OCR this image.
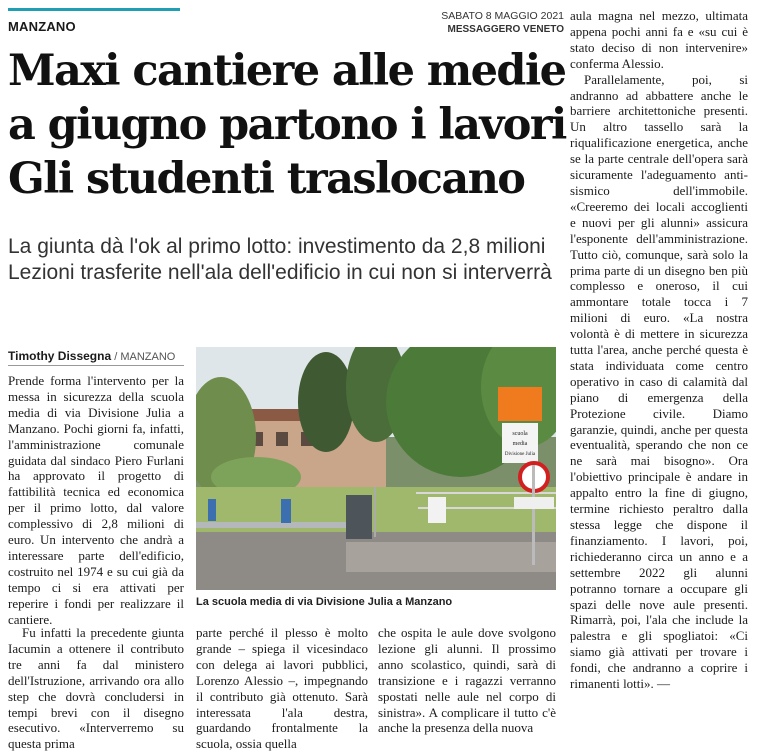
MANZANO
SABATO 8 MAGGIO 2021
MESSAGGERO VENETO
Maxi cantiere alle medie
a giugno partono i lavori
Gli studenti traslocano
La giunta dà l'ok al primo lotto: investimento da 2,8 milioni
Lezioni trasferite nell'ala dell'edificio in cui non si interverrà
Timothy Dissegna / MANZANO

Prende forma l'intervento per la messa in sicurezza della scuola media di via Divisione Julia a Manzano. Pochi giorni fa, infatti, l'amministrazione comunale guidata dal sindaco Piero Furlani ha approvato il progetto di fattibilità tecnica ed economica per il primo lotto, dal valore complessivo di 2,8 milioni di euro. Un intervento che andrà a interessare parte dell'edificio, costruito nel 1974 e su cui già da tempo ci si era attivati per reperire i fondi per realizzare il cantiere.

Fu infatti la precedente giunta Iacumin a ottenere il contributo tre anni fa dal ministero dell'Istruzione, arrivando ora allo step che dovrà concludersi in tempi brevi con il disegno esecutivo. «Interverremo su questa prima

scuola
media
Divisione Julia
La scuola media di via Divisione Julia a Manzano

parte perché il plesso è molto grande – spiega il vicesindaco con delega ai lavori pubblici, Lorenzo Alessio –, impegnando il contributo già ottenuto. Sarà interessata l'ala destra, guardando frontalmente la scuola, ossia quella

che ospita le aule dove svolgono lezione gli alunni. Il prossimo anno scolastico, quindi, sarà di transizione e i ragazzi verranno spostati nelle aule nel corpo di sinistra». A complicare il tutto c'è anche la presenza della nuova

aula magna nel mezzo, ultimata appena pochi anni fa e «su cui è stato deciso di non intervenire» conferma Alessio.

Parallelamente, poi, si andranno ad abbattere anche le barriere architettoniche presenti. Un altro tassello sarà la riqualificazione energetica, anche se la parte centrale dell'opera sarà sicuramente l'adeguamento anti-sismico dell'immobile. «Creeremo dei locali accoglienti e nuovi per gli alunni» assicura l'esponente dell'amministrazione. Tutto ciò, comunque, sarà solo la prima parte di un disegno ben più complesso e oneroso, il cui ammontare totale tocca i 7 milioni di euro. «La nostra volontà è di mettere in sicurezza tutta l'area, anche perché questa è stata individuata come centro operativo in caso di calamità dal piano di emergenza della Protezione civile. Diamo garanzie, quindi, anche per questa eventualità, sperando che non ce ne sarà mai bisogno». Ora l'obiettivo principale è andare in appalto entro la fine di giugno, termine richiesto peraltro dalla stessa legge che dispone il finanziamento. I lavori, poi, richiederanno circa un anno e a settembre 2022 gli alunni potranno tornare a occupare gli spazi delle nove aule presenti. Rimarrà, poi, l'ala che include la palestra e gli spogliatoi: «Ci siamo già attivati per trovare i fondi, che andranno a coprire i rimanenti lotti». —
